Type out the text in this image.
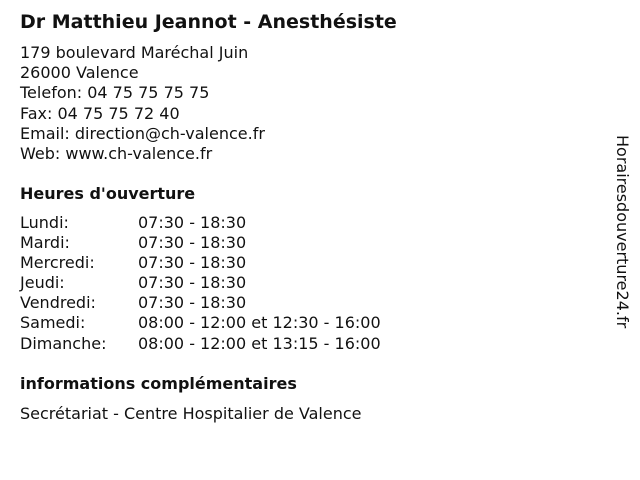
Dr Matthieu Jeannot - Anesthésiste
179 boulevard Maréchal Juin
26000 Valence
Telefon: 04 75 75 75 75
Fax: 04 75 75 72 40
Email: direction@ch-valence.fr
Web: www.ch-valence.fr
Heures d'ouverture
Lundi:	07:30 - 18:30
Mardi:	07:30 - 18:30
Mercredi:	07:30 - 18:30
Jeudi:	07:30 - 18:30
Vendredi:	07:30 - 18:30
Samedi:	08:00 - 12:00 et 12:30 - 16:00
Dimanche:	08:00 - 12:00 et 13:15 - 16:00
informations complémentaires
Secrétariat - Centre Hospitalier de Valence
Horairesdouverture24.fr
